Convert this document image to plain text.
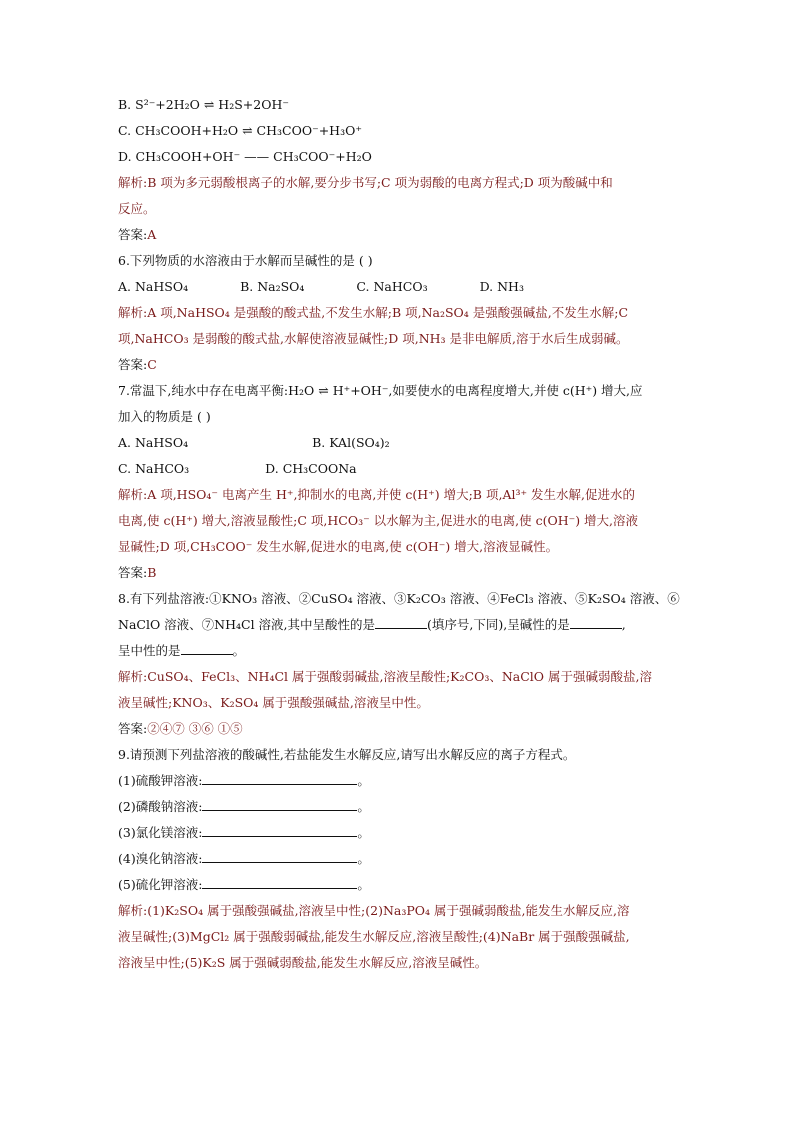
B. S²⁻+2H₂O ⇌ H₂S+2OH⁻
C. CH₃COOH+H₂O ⇌ CH₃COO⁻+H₃O⁺
D. CH₃COOH+OH⁻ —— CH₃COO⁻+H₂O
解析:B 项为多元弱酸根离子的水解,要分步书写;C 项为弱酸的电离方程式;D 项为酸碱中和
反应。
答案:A
6.下列物质的水溶液由于水解而呈碱性的是 ( )
A. NaHSO₄	B. Na₂SO₄	C. NaHCO₃	D. NH₃
解析:A 项,NaHSO₄ 是强酸的酸式盐,不发生水解;B 项,Na₂SO₄ 是强酸强碱盐,不发生水解;C
项,NaHCO₃ 是弱酸的酸式盐,水解使溶液显碱性;D 项,NH₃ 是非电解质,溶于水后生成弱碱。
答案:C
7.常温下,纯水中存在电离平衡:H₂O ⇌ H⁺+OH⁻,如要使水的电离程度增大,并使 c(H⁺) 增大,应
加入的物质是 ( )
A. NaHSO₄	B. KAl(SO₄)₂
C. NaHCO₃	D. CH₃COONa
解析:A 项,HSO₄⁻ 电离产生 H⁺,抑制水的电离,并使 c(H⁺) 增大;B 项,Al³⁺ 发生水解,促进水的
电离,使 c(H⁺) 增大,溶液显酸性;C 项,HCO₃⁻ 以水解为主,促进水的电离,使 c(OH⁻) 增大,溶液
显碱性;D 项,CH₃COO⁻ 发生水解,促进水的电离,使 c(OH⁻) 增大,溶液显碱性。
答案:B
8.有下列盐溶液:①KNO₃ 溶液、②CuSO₄ 溶液、③K₂CO₃ 溶液、④FeCl₃ 溶液、⑤K₂SO₄ 溶液、⑥
NaClO 溶液、⑦NH₄Cl 溶液,其中呈酸性的是	(填序号,下同),呈碱性的是	,
呈中性的是	。
解析:CuSO₄、FeCl₃、NH₄Cl 属于强酸弱碱盐,溶液呈酸性;K₂CO₃、NaClO 属于强碱弱酸盐,溶
液呈碱性;KNO₃、K₂SO₄ 属于强酸强碱盐,溶液呈中性。
答案:②④⑦ ③⑥ ①⑤
9.请预测下列盐溶液的酸碱性,若盐能发生水解反应,请写出水解反应的离子方程式。
(1)硫酸钾溶液:	。
(2)磷酸钠溶液:	。
(3)氯化镁溶液:	。
(4)溴化钠溶液:	。
(5)硫化钾溶液:	。
解析:(1)K₂SO₄ 属于强酸强碱盐,溶液呈中性;(2)Na₃PO₄ 属于强碱弱酸盐,能发生水解反应,溶
液呈碱性;(3)MgCl₂ 属于强酸弱碱盐,能发生水解反应,溶液呈酸性;(4)NaBr 属于强酸强碱盐,
溶液呈中性;(5)K₂S 属于强碱弱酸盐,能发生水解反应,溶液呈碱性。
